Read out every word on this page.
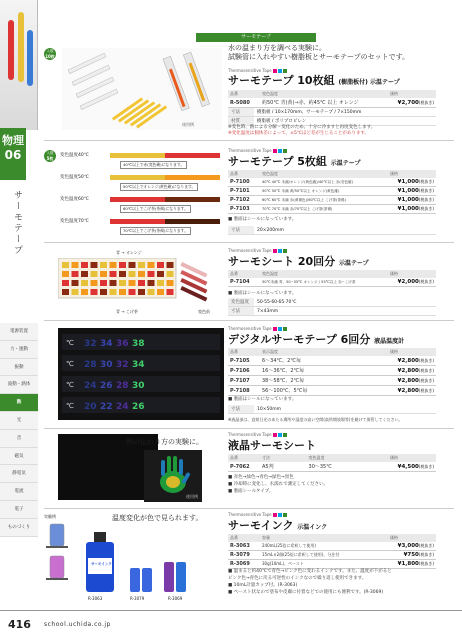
物理
06
サーモテープ
電源装置
力・運動
振動
波動・熱体
熱
光
音
磁気
静電気
電流
電子
ものづくり
サーモテープ
入数
10枚
使用例
水の温まり方を調べる実験に。
試験管に入れやすい樹脂板とサーモテープのセットです。
Thermosensitive Tape
サーモテープ 10枚組 (樹脂板付) 示温テープ
品番	変色温度	価格
R-5080	約50℃ 青(黄)→赤、約45℃ 以上 オレンジ	¥2,700(税抜き)
寸法	樹脂板 / 10×170mm、サーモテープ / 7×150mm
材質	樹脂板 / ポリプロピレン
※変色時、熱による分解・変化のため、十分に冷ますと再度変色します。
※変化温度は個体差によって、±5℃ほど差が生じることがあります。
入数
5枚
変色温度40℃
変色温度50℃
変色温度60℃
変色温度70℃
40℃以上で赤(変色確)になります。
50℃以上でオレンジ(黄色確)になります。
60℃以上でこげ茶(茶褐)になります。
70℃以上でこげ茶(茶褐)になります。
Thermosensitive Tape
サーモテープ 5枚組 示温テープ
品番	変色温度	価格
P-7100	40℃ 40℃ 未満/オレンジ(黄色確)/40℃以上 赤(変色確)	¥1,000(税抜き)
P-7101	50℃ 50℃ 未満 黄/50℃以上 オレンジ(黄色確)	¥1,000(税抜き)
P-7102	60℃ 60℃ 未満 赤(黄褐色)/60℃以上 こげ茶(茶褐)	¥1,000(税抜き)
P-7103	70℃ 70℃ 未満 赤/70℃以上 こげ茶(茶褐)	¥1,000(税抜き)
■ 裏面はシールになっています。
寸法	20×200mm
青 → オレンジ
青 → こげ茶	変色前
Thermosensitive Tape
サーモシート 20回分 示温テープ
品番	変色温度	価格
P-7104	50℃未満 青、50~55℃ オレンジ / 55℃以上 赤~こげ茶	¥2,000(税抜き)
■ 裏面はシールになっています。
変色温度	50·55·60·65·70℃
寸法	7×43mm
℃ 32 34 36 38
℃ 28 30 32 34
℃ 24 26 28 30
℃ 20 22 24 26
Thermosensitive Tape
デジタルサーモテープ 6回分 液晶温度計
品番	表示温度	価格
P-7105	6～34℃、2℃毎	¥2,800(税抜き)
P-7106	16～36℃、2℃毎	¥2,800(税抜き)
P-7107	38～58℃、2℃毎	¥2,800(税抜き)
P-7108	56～100℃、5℃毎	¥2,800(税抜き)
■ 裏面はシールになっています。
寸法	10×50mm
※液晶部は、直射日光のあたる場所や湿度の高い空間(高所開放場等)を避けて保管してください。
熱の伝わり方の実験に。
使用例
Thermosensitive Tape
液晶サーモシート
品番	寸法	変色温度	価格
P-7062	A5判	30～35℃	¥4,500(税抜き)
■ 赤色→緑色→青色→緑色→黒色
■ 冷却時に変化し、水濡れで測定してください。
■ 裏面シールタイプ。
実験例
サーモインク
R-3063	R-3079	R-3069
温度変化が色で見られます。	Thermosensitive Tape
サーモインク 示温インク
品番	容量	価格
R-3063	240mL(25倍に希釈して使用)	¥3,000(税抜き)
R-3079	15mL×2個(25倍に希釈して使用)、分注付	¥750(税抜き)
R-3069	30g(10mL)、ペースト	¥1,800(税抜き)
■ 温まると約40℃で青色→ピンク色に変わるインクです。また、温度が下がると
ピンク色→青色に戻る可逆性のインクなので繰り返し使用できます。
■ 10mL計量カップ付。(R-3063)
■ ペースト状なので塗布や皮膚に付着などでの使用にも便利です。(R-3069)
416 school.uchida.co.jp
